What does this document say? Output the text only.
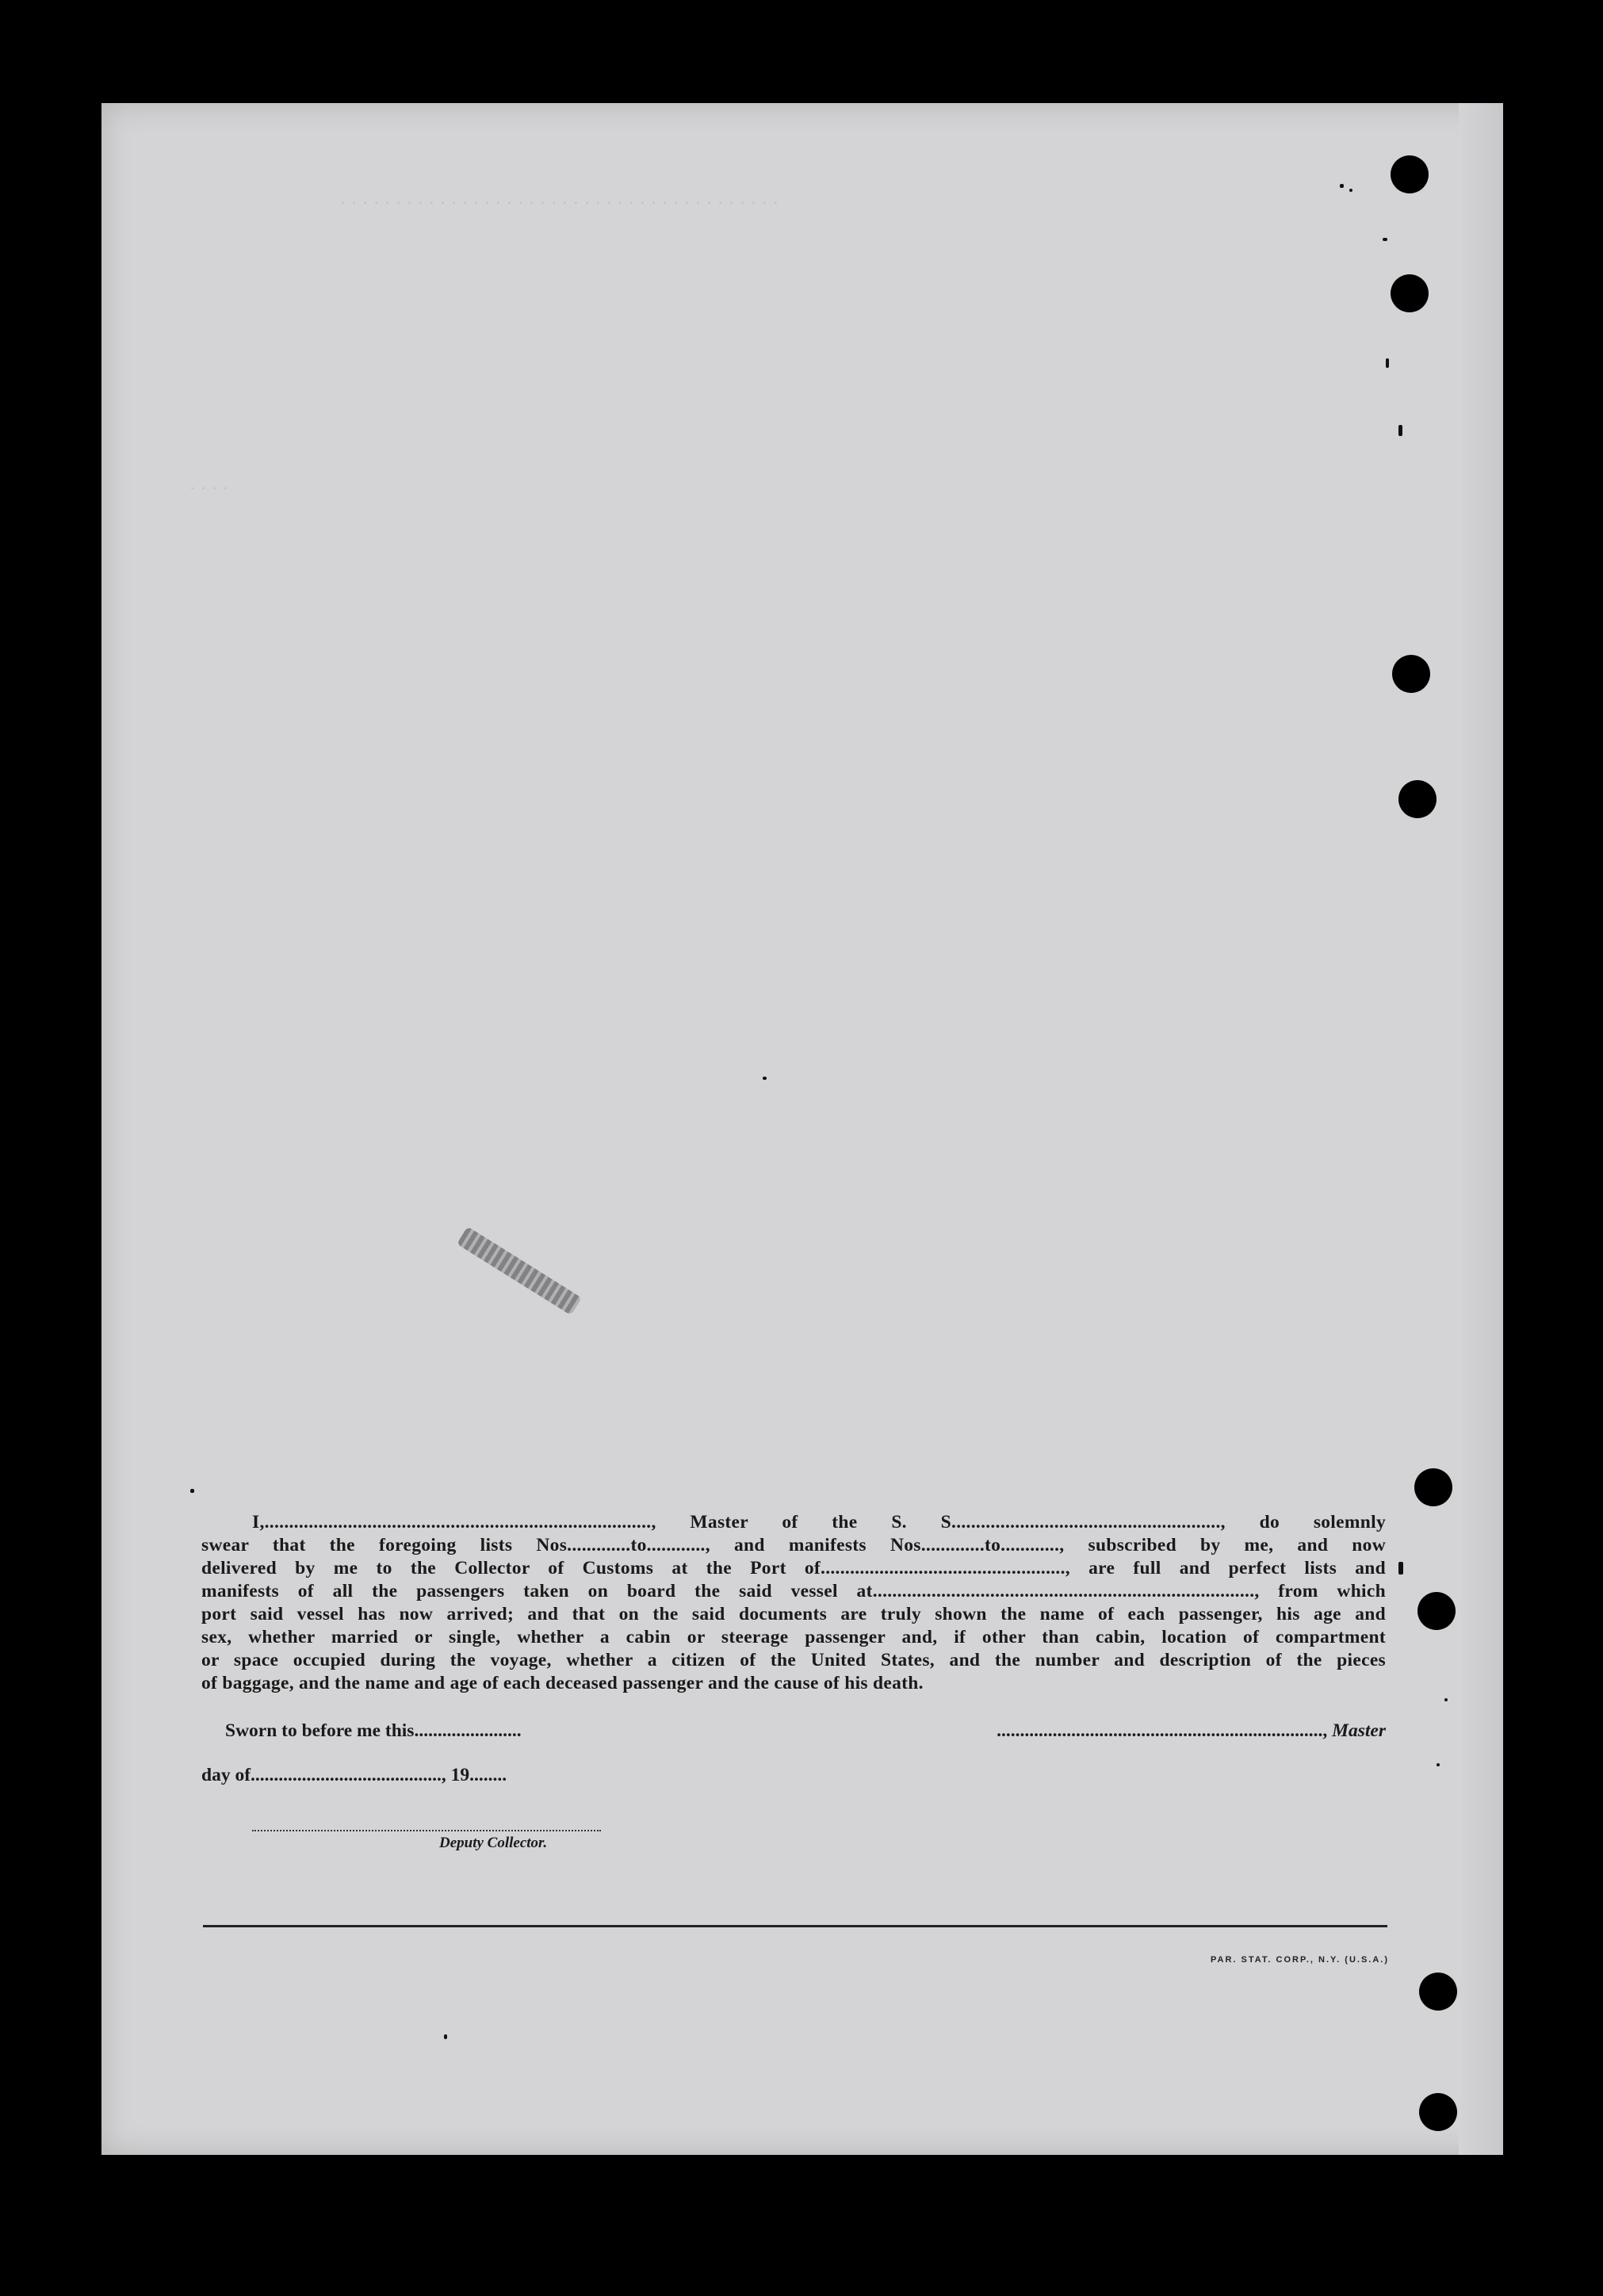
. . . . . . . . . . . . . . . . . . . . . . . . . . . . . . . . . . . . . . . .
. . . .
I,..............................................................................., Master of the S. S......................................................., do solemnly
swear that the foregoing lists Nos.............to............, and manifests Nos.............to............, subscribed by me, and now
delivered by me to the Collector of Customs at the Port of.................................................., are full and perfect lists and
manifests of all the passengers taken on board the said vessel at.............................................................................., from which
port said vessel has now arrived; and that on the said documents are truly shown the name of each passenger, his age and
sex, whether married or single, whether a cabin or steerage passenger and, if other than cabin, location of compartment
or space occupied during the voyage, whether a citizen of the United States, and the number and description of the pieces
of baggage, and the name and age of each deceased passenger and the cause of his death.
Sworn to before me this.......................
day of........................................., 19........
Deputy Collector.
......................................................................, Master
PAR. STAT. CORP., N.Y. (U.S.A.)
